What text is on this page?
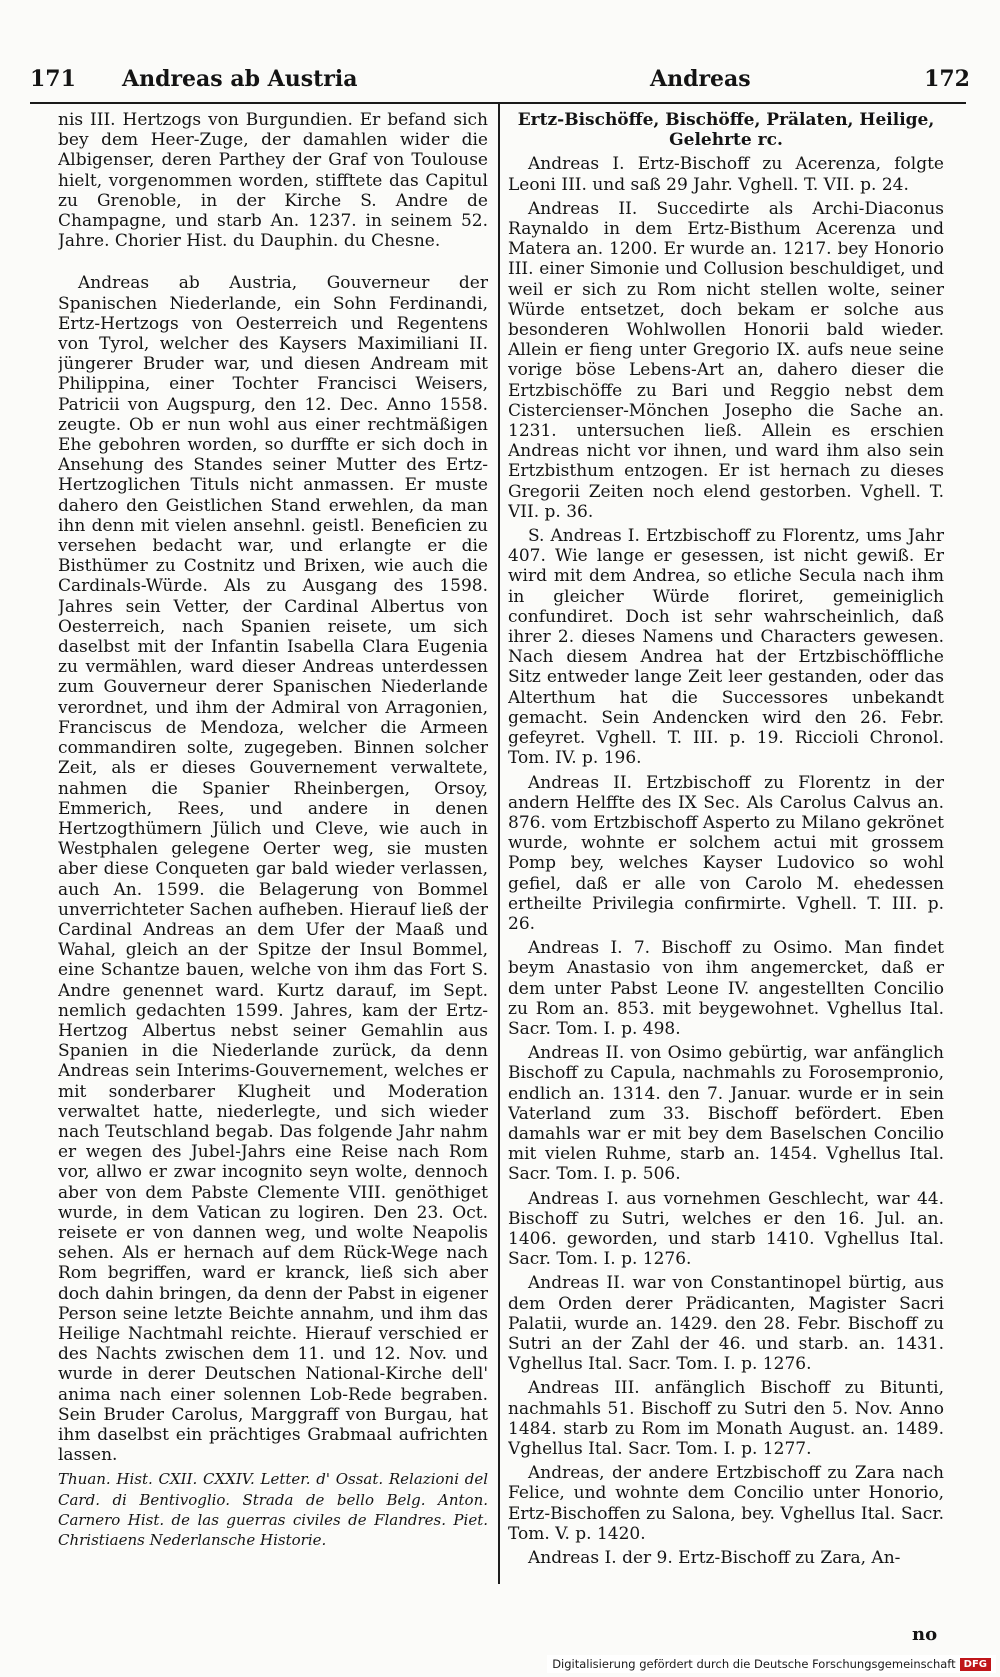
171 Andreas ab Austria	Andreas	172

nis III. Hertzogs von Burgundien. Er befand sich bey dem Heer-Zuge, der damahlen wider die Albigenser, deren Parthey der Graf von Toulouse hielt, vorgenommen worden, stifftete das Capitul zu Grenoble, in der Kirche S. Andre de Champagne, und starb An. 1237. in seinem 52. Jahre. Chorier Hist. du Dauphin. du Chesne.

Andreas ab Austria, Gouverneur der Spanischen Niederlande, ein Sohn Ferdinandi, Ertz-Hertzogs von Oesterreich und Regentens von Tyrol, welcher des Kaysers Maximiliani II. jüngerer Bruder war, und diesen Andream mit Philippina, einer Tochter Francisci Weisers, Patricii von Augspurg, den 12. Dec. Anno 1558. zeugte. Ob er nun wohl aus einer rechtmäßigen Ehe gebohren worden, so durffte er sich doch in Ansehung des Standes seiner Mutter des Ertz-Hertzoglichen Tituls nicht anmassen. Er muste dahero den Geistlichen Stand erwehlen, da man ihn denn mit vielen ansehnl. geistl. Beneficien zu versehen bedacht war, und erlangte er die Bisthümer zu Costnitz und Brixen, wie auch die Cardinals-Würde. Als zu Ausgang des 1598. Jahres sein Vetter, der Cardinal Albertus von Oesterreich, nach Spanien reisete, um sich daselbst mit der Infantin Isabella Clara Eugenia zu vermählen, ward dieser Andreas unterdessen zum Gouverneur derer Spanischen Niederlande verordnet, und ihm der Admiral von Arragonien, Franciscus de Mendoza, welcher die Armeen commandiren solte, zugegeben. Binnen solcher Zeit, als er dieses Gouvernement verwaltete, nahmen die Spanier Rheinbergen, Orsoy, Emmerich, Rees, und andere in denen Hertzogthümern Jülich und Cleve, wie auch in Westphalen gelegene Oerter weg, sie musten aber diese Conqueten gar bald wieder verlassen, auch An. 1599. die Belagerung von Bommel unverrichteter Sachen aufheben. Hierauf ließ der Cardinal Andreas an dem Ufer der Maaß und Wahal, gleich an der Spitze der Insul Bommel, eine Schantze bauen, welche von ihm das Fort S. Andre genennet ward. Kurtz darauf, im Sept. nemlich gedachten 1599. Jahres, kam der Ertz-Hertzog Albertus nebst seiner Gemahlin aus Spanien in die Niederlande zurück, da denn Andreas sein Interims-Gouvernement, welches er mit sonderbarer Klugheit und Moderation verwaltet hatte, niederlegte, und sich wieder nach Teutschland begab. Das folgende Jahr nahm er wegen des Jubel-Jahrs eine Reise nach Rom vor, allwo er zwar incognito seyn wolte, dennoch aber von dem Pabste Clemente VIII. genöthiget wurde, in dem Vatican zu logiren. Den 23. Oct. reisete er von dannen weg, und wolte Neapolis sehen. Als er hernach auf dem Rück-Wege nach Rom begriffen, ward er kranck, ließ sich aber doch dahin bringen, da denn der Pabst in eigener Person seine letzte Beichte annahm, und ihm das Heilige Nachtmahl reichte. Hierauf verschied er des Nachts zwischen dem 11. und 12. Nov. und wurde in derer Deutschen National-Kirche dell' anima nach einer solennen Lob-Rede begraben. Sein Bruder Carolus, Marggraff von Burgau, hat ihm daselbst ein prächtiges Grabmaal aufrichten lassen.

Thuan. Hist. CXII. CXXIV. Letter. d' Ossat. Relazioni del Card. di Bentivoglio. Strada de bello Belg. Anton. Carnero Hist. de las guerras civiles de Flandres. Piet. Christiaens Nederlansche Historie.

Ertz-Bischöffe, Bischöffe, Prälaten, Heilige, Gelehrte rc.

Andreas I. Ertz-Bischoff zu Acerenza, folgte Leoni III. und saß 29 Jahr. Vghell. T. VII. p. 24.

Andreas II. Succedirte als Archi-Diaconus Raynaldo in dem Ertz-Bisthum Acerenza und Matera an. 1200. Er wurde an. 1217. bey Honorio III. einer Simonie und Collusion beschuldiget, und weil er sich zu Rom nicht stellen wolte, seiner Würde entsetzet, doch bekam er solche aus besonderen Wohlwollen Honorii bald wieder. Allein er fieng unter Gregorio IX. aufs neue seine vorige böse Lebens-Art an, dahero dieser die Ertzbischöffe zu Bari und Reggio nebst dem Cistercienser-Mönchen Josepho die Sache an. 1231. untersuchen ließ. Allein es erschien Andreas nicht vor ihnen, und ward ihm also sein Ertzbisthum entzogen. Er ist hernach zu dieses Gregorii Zeiten noch elend gestorben. Vghell. T. VII. p. 36.

S. Andreas I. Ertzbischoff zu Florentz, ums Jahr 407. Wie lange er gesessen, ist nicht gewiß. Er wird mit dem Andrea, so etliche Secula nach ihm in gleicher Würde floriret, gemeiniglich confundiret. Doch ist sehr wahrscheinlich, daß ihrer 2. dieses Namens und Characters gewesen. Nach diesem Andrea hat der Ertzbischöffliche Sitz entweder lange Zeit leer gestanden, oder das Alterthum hat die Successores unbekandt gemacht. Sein Andencken wird den 26. Febr. gefeyret. Vghell. T. III. p. 19. Riccioli Chronol. Tom. IV. p. 196.

Andreas II. Ertzbischoff zu Florentz in der andern Helffte des IX Sec. Als Carolus Calvus an. 876. vom Ertzbischoff Asperto zu Milano gekrönet wurde, wohnte er solchem actui mit grossem Pomp bey, welches Kayser Ludovico so wohl gefiel, daß er alle von Carolo M. ehedessen ertheilte Privilegia confirmirte. Vghell. T. III. p. 26.

Andreas I. 7. Bischoff zu Osimo. Man findet beym Anastasio von ihm angemercket, daß er dem unter Pabst Leone IV. angestellten Concilio zu Rom an. 853. mit beygewohnet. Vghellus Ital. Sacr. Tom. I. p. 498.

Andreas II. von Osimo gebürtig, war anfänglich Bischoff zu Capula, nachmahls zu Forosempronio, endlich an. 1314. den 7. Januar. wurde er in sein Vaterland zum 33. Bischoff befördert. Eben damahls war er mit bey dem Baselschen Concilio mit vielen Ruhme, starb an. 1454. Vghellus Ital. Sacr. Tom. I. p. 506.

Andreas I. aus vornehmen Geschlecht, war 44. Bischoff zu Sutri, welches er den 16. Jul. an. 1406. geworden, und starb 1410. Vghellus Ital. Sacr. Tom. I. p. 1276.

Andreas II. war von Constantinopel bürtig, aus dem Orden derer Prädicanten, Magister Sacri Palatii, wurde an. 1429. den 28. Febr. Bischoff zu Sutri an der Zahl der 46. und starb. an. 1431. Vghellus Ital. Sacr. Tom. I. p. 1276.

Andreas III. anfänglich Bischoff zu Bitunti, nachmahls 51. Bischoff zu Sutri den 5. Nov. Anno 1484. starb zu Rom im Monath August. an. 1489. Vghellus Ital. Sacr. Tom. I. p. 1277.

Andreas, der andere Ertzbischoff zu Zara nach Felice, und wohnte dem Concilio unter Honorio, Ertz-Bischoffen zu Salona, bey. Vghellus Ital. Sacr. Tom. V. p. 1420.

Andreas I. der 9. Ertz-Bischoff zu Zara, An-

no
Digitalisierung gefördert durch die Deutsche Forschungsgemeinschaft DFG
